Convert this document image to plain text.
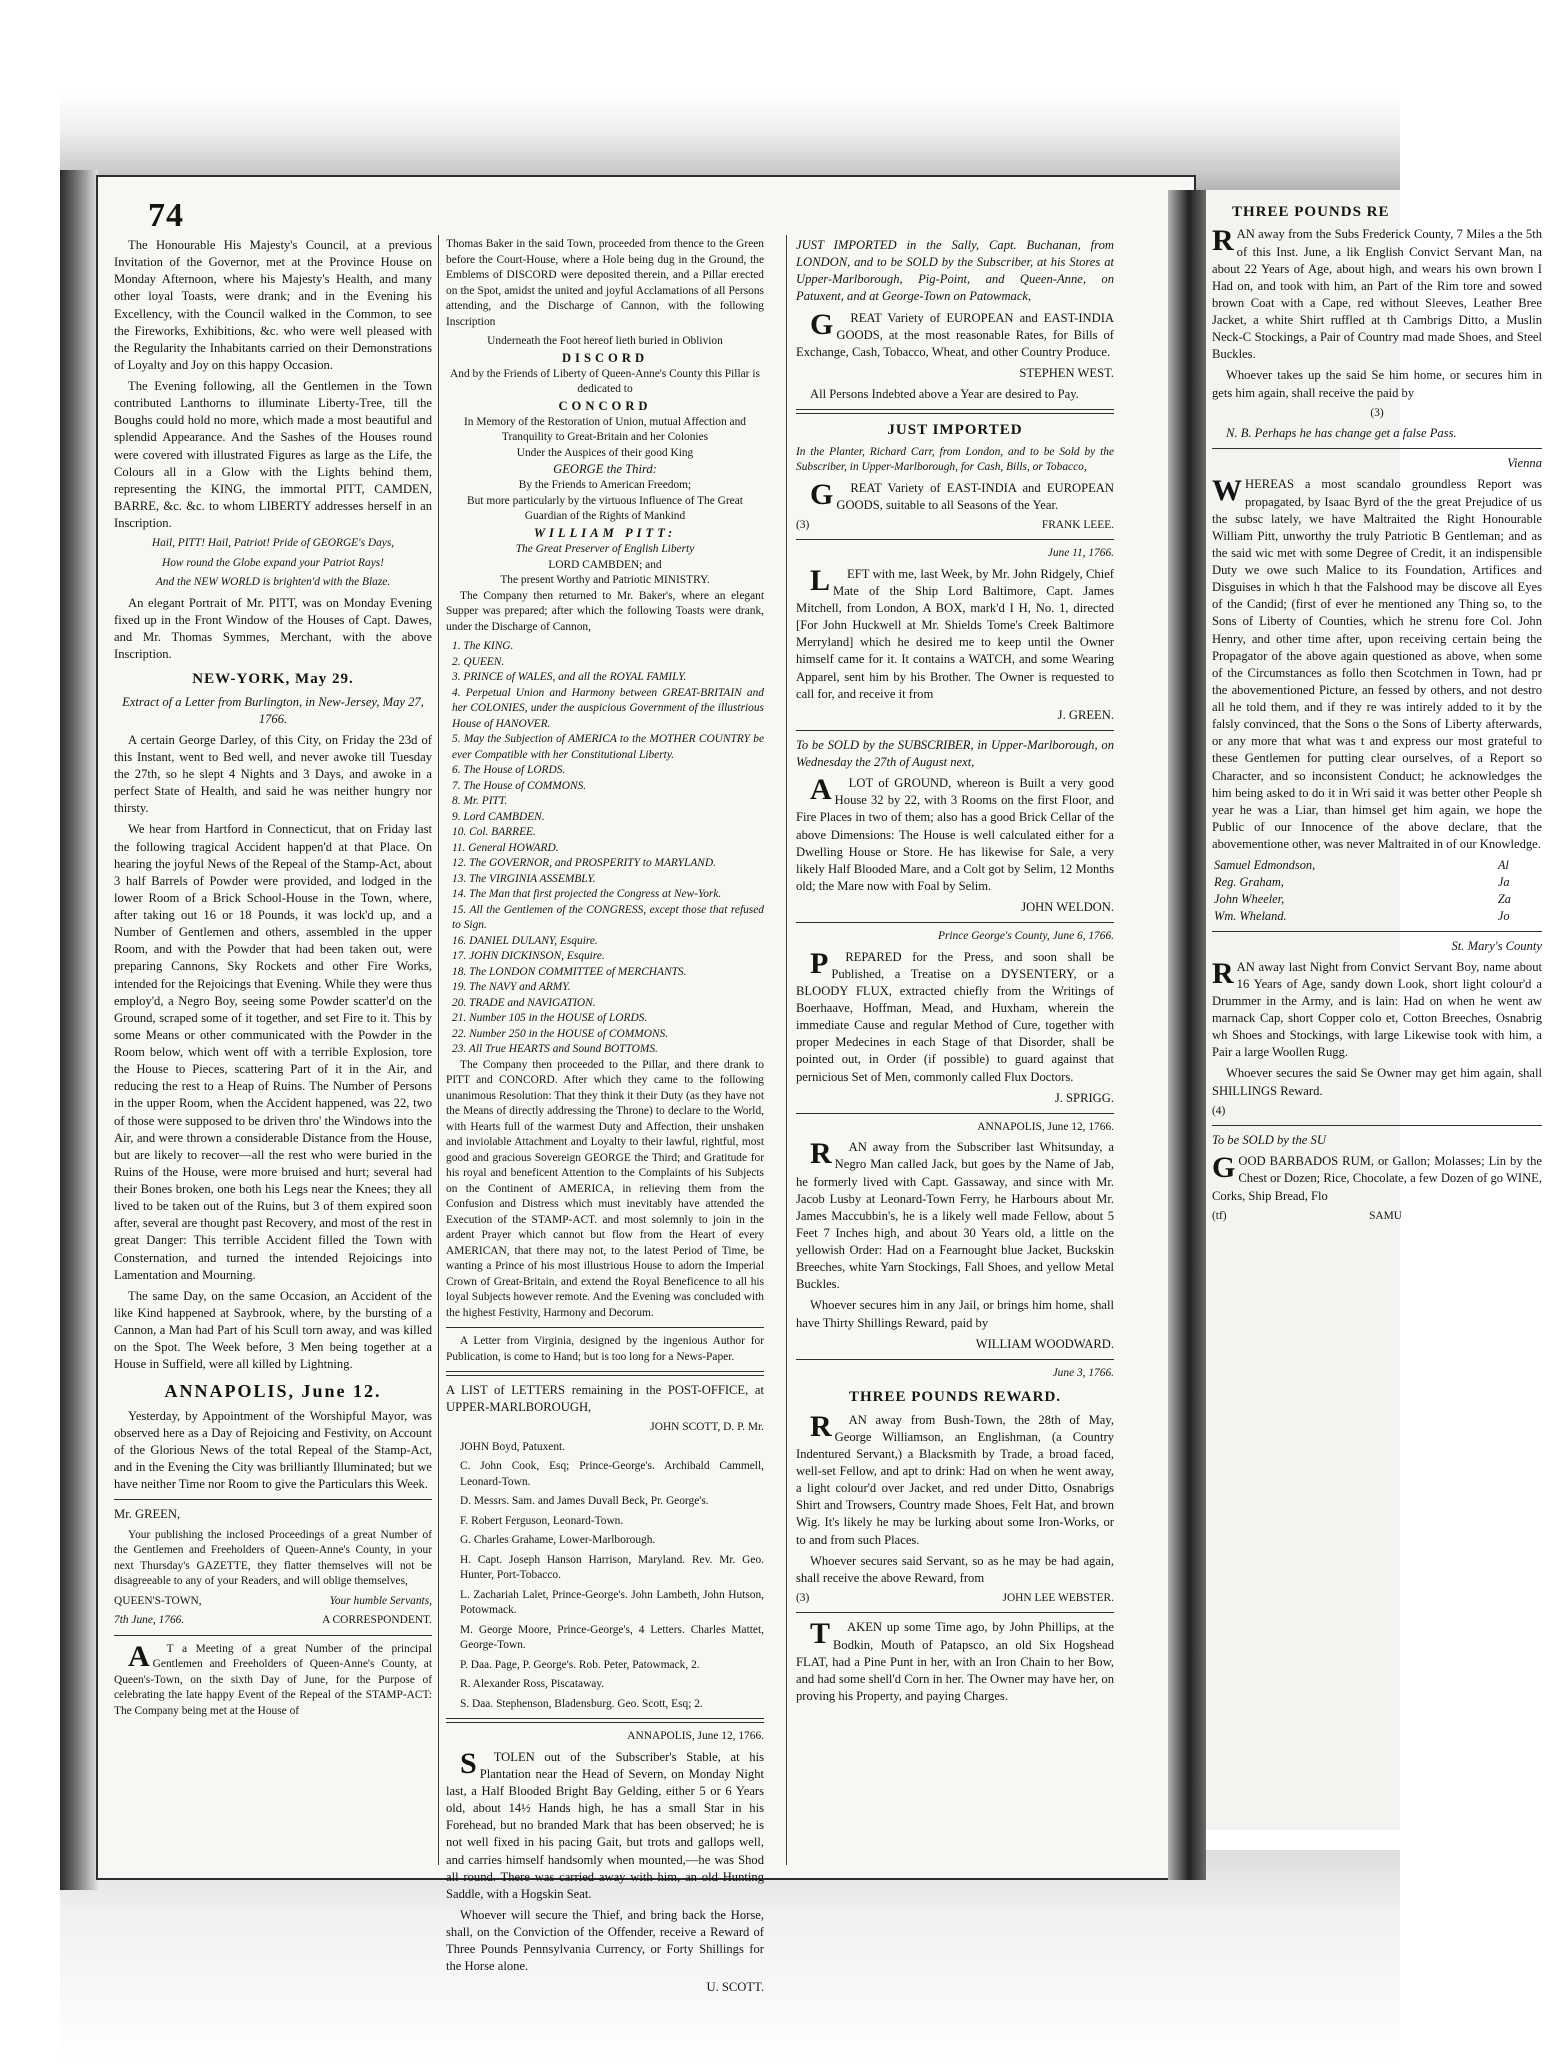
74

The Honourable His Majesty's Council, at a previous Invitation of the Governor, met at the Province House on Monday Afternoon, where his Majesty's Health, and many other loyal Toasts, were drank; and in the Evening his Excellency, with the Council walked in the Common, to see the Fireworks, Exhibitions, &c. who were well pleased with the Regularity the Inhabitants carried on their Demonstrations of Loyalty and Joy on this happy Occasion.

The Evening following, all the Gentlemen in the Town contributed Lanthorns to illuminate Liberty-Tree, till the Boughs could hold no more, which made a most beautiful and splendid Appearance. And the Sashes of the Houses round were covered with illustrated Figures as large as the Life, the Colours all in a Glow with the Lights behind them, representing the KING, the immortal PITT, CAMDEN, BARRE, &c. &c. to whom LIBERTY addresses herself in an Inscription.

Hail, PITT! Hail, Patriot! Pride of GEORGE's Days,

How round the Globe expand your Patriot Rays!

And the NEW WORLD is brighten'd with the Blaze.

An elegant Portrait of Mr. PITT, was on Monday Evening fixed up in the Front Window of the Houses of Capt. Dawes, and Mr. Thomas Symmes, Merchant, with the above Inscription.

NEW-YORK, May 29.

Extract of a Letter from Burlington, in New-Jersey, May 27, 1766.

A certain George Darley, of this City, on Friday the 23d of this Instant, went to Bed well, and never awoke till Tuesday the 27th, so he slept 4 Nights and 3 Days, and awoke in a perfect State of Health, and said he was neither hungry nor thirsty.

We hear from Hartford in Connecticut, that on Friday last the following tragical Accident happen'd at that Place. On hearing the joyful News of the Repeal of the Stamp-Act, about 3 half Barrels of Powder were provided, and lodged in the lower Room of a Brick School-House in the Town, where, after taking out 16 or 18 Pounds, it was lock'd up, and a Number of Gentlemen and others, assembled in the upper Room, and with the Powder that had been taken out, were preparing Cannons, Sky Rockets and other Fire Works, intended for the Rejoicings that Evening. While they were thus employ'd, a Negro Boy, seeing some Powder scatter'd on the Ground, scraped some of it together, and set Fire to it. This by some Means or other communicated with the Powder in the Room below, which went off with a terrible Explosion, tore the House to Pieces, scattering Part of it in the Air, and reducing the rest to a Heap of Ruins. The Number of Persons in the upper Room, when the Accident happened, was 22, two of those were supposed to be driven thro' the Windows into the Air, and were thrown a considerable Distance from the House, but are likely to recover—all the rest who were buried in the Ruins of the House, were more bruised and hurt; several had their Bones broken, one both his Legs near the Knees; they all lived to be taken out of the Ruins, but 3 of them expired soon after, several are thought past Recovery, and most of the rest in great Danger: This terrible Accident filled the Town with Consternation, and turned the intended Rejoicings into Lamentation and Mourning.

The same Day, on the same Occasion, an Accident of the like Kind happened at Saybrook, where, by the bursting of a Cannon, a Man had Part of his Scull torn away, and was killed on the Spot. The Week before, 3 Men being together at a House in Suffield, were all killed by Lightning.

ANNAPOLIS, June 12.

Yesterday, by Appointment of the Worshipful Mayor, was observed here as a Day of Rejoicing and Festivity, on Account of the Glorious News of the total Repeal of the Stamp-Act, and in the Evening the City was brilliantly Illuminated; but we have neither Time nor Room to give the Particulars this Week.

Mr. GREEN,

Your publishing the inclosed Proceedings of a great Number of the Gentlemen and Freeholders of Queen-Anne's County, in your next Thursday's GAZETTE, they flatter themselves will not be disagreeable to any of your Readers, and will oblige themselves,

QUEEN'S-TOWN,	Your humble Servants,

7th June, 1766.	A CORRESPONDENT.

AT a Meeting of a great Number of the principal Gentlemen and Freeholders of Queen-Anne's County, at Queen's-Town, on the sixth Day of June, for the Purpose of celebrating the late happy Event of the Repeal of the STAMP-ACT: The Company being met at the House of

Thomas Baker in the said Town, proceeded from thence to the Green before the Court-House, where a Hole being dug in the Ground, the Emblems of DISCORD were deposited therein, and a Pillar erected on the Spot, amidst the united and joyful Acclamations of all Persons attending, and the Discharge of Cannon, with the following Inscription

Underneath the Foot hereof lieth buried in Oblivion

DISCORD

And by the Friends of Liberty of Queen-Anne's County this Pillar is dedicated to

CONCORD

In Memory of the Restoration of Union, mutual Affection and Tranquility to Great-Britain and her Colonies

Under the Auspices of their good King

GEORGE the Third:

By the Friends to American Freedom;

But more particularly by the virtuous Influence of The Great Guardian of the Rights of Mankind

WILLIAM PITT:

The Great Preserver of English Liberty

LORD CAMBDEN; and

The present Worthy and Patriotic MINISTRY.

The Company then returned to Mr. Baker's, where an elegant Supper was prepared; after which the following Toasts were drank, under the Discharge of Cannon,

1. The KING.

2. QUEEN.

3. PRINCE of WALES, and all the ROYAL FAMILY.

4. Perpetual Union and Harmony between GREAT-BRITAIN and her COLONIES, under the auspicious Government of the illustrious House of HANOVER.

5. May the Subjection of AMERICA to the MOTHER COUNTRY be ever Compatible with her Constitutional Liberty.

6. The House of LORDS.

7. The House of COMMONS.

8. Mr. PITT.

9. Lord CAMBDEN.

10. Col. BARREE.

11. General HOWARD.

12. The GOVERNOR, and PROSPERITY to MARYLAND.

13. The VIRGINIA ASSEMBLY.

14. The Man that first projected the Congress at New-York.

15. All the Gentlemen of the CONGRESS, except those that refused to Sign.

16. DANIEL DULANY, Esquire.

17. JOHN DICKINSON, Esquire.

18. The LONDON COMMITTEE of MERCHANTS.

19. The NAVY and ARMY.

20. TRADE and NAVIGATION.

21. Number 105 in the HOUSE of LORDS.

22. Number 250 in the HOUSE of COMMONS.

23. All True HEARTS and Sound BOTTOMS.

The Company then proceeded to the Pillar, and there drank to PITT and CONCORD. After which they came to the following unanimous Resolution: That they think it their Duty (as they have not the Means of directly addressing the Throne) to declare to the World, with Hearts full of the warmest Duty and Affection, their unshaken and inviolable Attachment and Loyalty to their lawful, rightful, most good and gracious Sovereign GEORGE the Third; and Gratitude for his royal and beneficent Attention to the Complaints of his Subjects on the Continent of AMERICA, in relieving them from the Confusion and Distress which must inevitably have attended the Execution of the STAMP-ACT. and most solemnly to join in the ardent Prayer which cannot but flow from the Heart of every AMERICAN, that there may not, to the latest Period of Time, be wanting a Prince of his most illustrious House to adorn the Imperial Crown of Great-Britain, and extend the Royal Beneficence to all his loyal Subjects however remote. And the Evening was concluded with the highest Festivity, Harmony and Decorum.

A Letter from Virginia, designed by the ingenious Author for Publication, is come to Hand; but is too long for a News-Paper.

A LIST of LETTERS remaining in the POST-OFFICE, at UPPER-MARLBOROUGH,

JOHN SCOTT, D. P. Mr.

JOHN Boyd, Patuxent.

C. John Cook, Esq; Prince-George's. Archibald Cammell, Leonard-Town.

D. Messrs. Sam. and James Duvall Beck, Pr. George's.

F. Robert Ferguson, Leonard-Town.

G. Charles Grahame, Lower-Marlborough.

H. Capt. Joseph Hanson Harrison, Maryland. Rev. Mr. Geo. Hunter, Port-Tobacco.

L. Zachariah Lalet, Prince-George's. John Lambeth, John Hutson, Potowmack.

M. George Moore, Prince-George's, 4 Letters. Charles Mattet, George-Town.

P. Daa. Page, P. George's. Rob. Peter, Patowmack, 2.

R. Alexander Ross, Piscataway.

S. Daa. Stephenson, Bladensburg. Geo. Scott, Esq; 2.

ANNAPOLIS, June 12, 1766.

STOLEN out of the Subscriber's Stable, at his Plantation near the Head of Severn, on Monday Night last, a Half Blooded Bright Bay Gelding, either 5 or 6 Years old, about 14½ Hands high, he has a small Star in his Forehead, but no branded Mark that has been observed; he is not well fixed in his pacing Gait, but trots and gallops well, and carries himself handsomly when mounted,—he was Shod all round. There was carried away with him, an old Hunting Saddle, with a Hogskin Seat.

Whoever will secure the Thief, and bring back the Horse, shall, on the Conviction of the Offender, receive a Reward of Three Pounds Pennsylvania Currency, or Forty Shillings for the Horse alone.

U. SCOTT.

JUST IMPORTED in the Sally, Capt. Buchanan, from LONDON, and to be SOLD by the Subscriber, at his Stores at Upper-Marlborough, Pig-Point, and Queen-Anne, on Patuxent, and at George-Town on Patowmack,

GREAT Variety of EUROPEAN and EAST-INDIA GOODS, at the most reasonable Rates, for Bills of Exchange, Cash, Tobacco, Wheat, and other Country Produce.

STEPHEN WEST.

All Persons Indebted above a Year are desired to Pay.

JUST IMPORTED

In the Planter, Richard Carr, from London, and to be Sold by the Subscriber, in Upper-Marlborough, for Cash, Bills, or Tobacco,

GREAT Variety of EAST-INDIA and EUROPEAN GOODS, suitable to all Seasons of the Year.

(3)	FRANK LEEE.

June 11, 1766.

LEFT with me, last Week, by Mr. John Ridgely, Chief Mate of the Ship Lord Baltimore, Capt. James Mitchell, from London, A BOX, mark'd I H, No. 1, directed [For John Huckwell at Mr. Shields Tome's Creek Baltimore Merryland] which he desired me to keep until the Owner himself came for it. It contains a WATCH, and some Wearing Apparel, sent him by his Brother. The Owner is requested to call for, and receive it from

J. GREEN.

To be SOLD by the SUBSCRIBER, in Upper-Marlborough, on Wednesday the 27th of August next,

ALOT of GROUND, whereon is Built a very good House 32 by 22, with 3 Rooms on the first Floor, and Fire Places in two of them; also has a good Brick Cellar of the above Dimensions: The House is well calculated either for a Dwelling House or Store. He has likewise for Sale, a very likely Half Blooded Mare, and a Colt got by Selim, 12 Months old; the Mare now with Foal by Selim.

JOHN WELDON.

Prince George's County, June 6, 1766.

PREPARED for the Press, and soon shall be Published, a Treatise on a DYSENTERY, or a BLOODY FLUX, extracted chiefly from the Writings of Boerhaave, Hoffman, Mead, and Huxham, wherein the immediate Cause and regular Method of Cure, together with proper Medecines in each Stage of that Disorder, shall be pointed out, in Order (if possible) to guard against that pernicious Set of Men, commonly called Flux Doctors.

J. SPRIGG.

ANNAPOLIS, June 12, 1766.

RAN away from the Subscriber last Whitsunday, a Negro Man called Jack, but goes by the Name of Jab, he formerly lived with Capt. Gassaway, and since with Mr. Jacob Lusby at Leonard-Town Ferry, he Harbours about Mr. James Maccubbin's, he is a likely well made Fellow, about 5 Feet 7 Inches high, and about 30 Years old, a little on the yellowish Order: Had on a Fearnought blue Jacket, Buckskin Breeches, white Yarn Stockings, Fall Shoes, and yellow Metal Buckles.

Whoever secures him in any Jail, or brings him home, shall have Thirty Shillings Reward, paid by

WILLIAM WOODWARD.

June 3, 1766.

THREE POUNDS REWARD.

RAN away from Bush-Town, the 28th of May, George Williamson, an Englishman, (a Country Indentured Servant,) a Blacksmith by Trade, a broad faced, well-set Fellow, and apt to drink: Had on when he went away, a light colour'd over Jacket, and red under Ditto, Osnabrigs Shirt and Trowsers, Country made Shoes, Felt Hat, and brown Wig. It's likely he may be lurking about some Iron-Works, or to and from such Places.

Whoever secures said Servant, so as he may be had again, shall receive the above Reward, from

(3)	JOHN LEE WEBSTER.

TAKEN up some Time ago, by John Phillips, at the Bodkin, Mouth of Patapsco, an old Six Hogshead FLAT, had a Pine Punt in her, with an Iron Chain to her Bow, and had some shell'd Corn in her. The Owner may have her, on proving his Property, and paying Charges.

THREE POUNDS RE

RAN away from the Subs Frederick County, 7 Miles a the 5th of this Inst. June, a lik English Convict Servant Man, na about 22 Years of Age, about high, and wears his own brown I Had on, and took with him, an Part of the Rim tore and sowed brown Coat with a Cape, red without Sleeves, Leather Bree Jacket, a white Shirt ruffled at th Cambrigs Ditto, a Muslin Neck-C Stockings, a Pair of Country mad made Shoes, and Steel Buckles.

Whoever takes up the said Se him home, or secures him in gets him again, shall receive the paid by

(3)

N. B. Perhaps he has change get a false Pass.

Vienna

WHEREAS a most scandalo groundless Report was propagated, by Isaac Byrd of the the great Prejudice of us the subsc lately, we have Maltraited the Right Honourable William Pitt, unworthy the truly Patriotic B Gentleman; and as the said wic met with some Degree of Credit, it an indispensible Duty we owe such Malice to its Foundation, Artifices and Disguises in which h that the Falshood may be discove all Eyes of the Candid; (first of ever he mentioned any Thing so, to the Sons of Liberty of Counties, which he strenu fore Col. John Henry, and other time after, upon receiving certain being the Propagator of the above again questioned as above, when some of the Circumstances as follo then Scotchmen in Town, had pr the abovementioned Picture, an fessed by others, and not destro all he told them, and if they re was intirely added to it by the falsly convinced, that the Sons o the Sons of Liberty afterwards, or any more that what was t and express our most grateful to these Gentlemen for putting clear ourselves, of a Report so Character, and so inconsistent Conduct; he acknowledges the him being asked to do it in Wri said it was better other People sh year he was a Liar, than himsel get him again, we hope the Public of our Innocence of the above declare, that the abovementione other, was never Maltraited in of our Knowledge.

Samuel Edmondson,	Al
Reg. Graham,	Ja
John Wheeler,	Za
Wm. Wheland.	Jo

St. Mary's County

RAN away last Night from Convict Servant Boy, name about 16 Years of Age, sandy down Look, short light colour'd a Drummer in the Army, and is lain: Had on when he went aw marnack Cap, short Copper colo et, Cotton Breeches, Osnabrig wh Shoes and Stockings, with large Likewise took with him, a Pair a large Woollen Rugg.

Whoever secures the said Se Owner may get him again, shall SHILLINGS Reward.

(4)

To be SOLD by the SU

GOOD BARBADOS RUM, or Gallon; Molasses; Lin by the Chest or Dozen; Rice, Chocolate, a few Dozen of go WINE, Corks, Ship Bread, Flo

(tf)	SAMU
